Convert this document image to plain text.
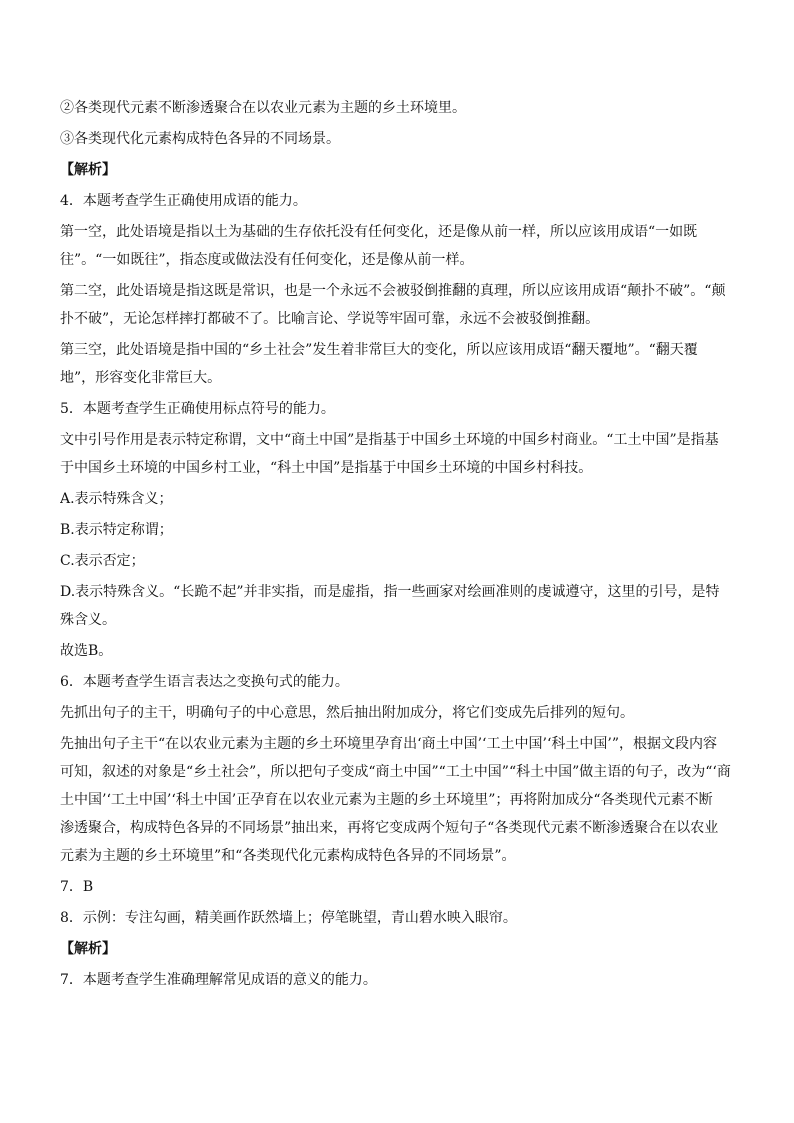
②各类现代元素不断渗透聚合在以农业元素为主题的乡土环境里。
③各类现代化元素构成特色各异的不同场景。
【解析】
4．本题考查学生正确使用成语的能力。
第一空，此处语境是指以土为基础的生存依托没有任何变化，还是像从前一样，所以应该用成语“一如既
往”。“一如既往”，指态度或做法没有任何变化，还是像从前一样。
第二空，此处语境是指这既是常识，也是一个永远不会被驳倒推翻的真理，所以应该用成语“颠扑不破”。“颠
扑不破”，无论怎样摔打都破不了。比喻言论、学说等牢固可靠，永远不会被驳倒推翻。
第三空，此处语境是指中国的“乡土社会”发生着非常巨大的变化，所以应该用成语“翻天覆地”。“翻天覆
地”，形容变化非常巨大。
5．本题考查学生正确使用标点符号的能力。
文中引号作用是表示特定称谓，文中“商土中国”是指基于中国乡土环境的中国乡村商业。“工土中国”是指基
于中国乡土环境的中国乡村工业，“科土中国”是指基于中国乡土环境的中国乡村科技。
A.表示特殊含义；
B.表示特定称谓；
C.表示否定；
D.表示特殊含义。“长跪不起”并非实指，而是虚指，指一些画家对绘画准则的虔诚遵守，这里的引号，是特
殊含义。
故选B。
6．本题考查学生语言表达之变换句式的能力。
先抓出句子的主干，明确句子的中心意思，然后抽出附加成分，将它们变成先后排列的短句。
先抽出句子主干“在以农业元素为主题的乡土环境里孕育出‘商土中国’‘工土中国’‘科土中国’”，根据文段内容
可知，叙述的对象是“乡土社会”，所以把句子变成“商土中国”“工土中国”“科土中国”做主语的句子，改为“‘商
土中国’‘工土中国’‘科土中国’正孕育在以农业元素为主题的乡土环境里”；再将附加成分“各类现代元素不断
渗透聚合，构成特色各异的不同场景”抽出来，再将它变成两个短句子“各类现代元素不断渗透聚合在以农业
元素为主题的乡土环境里”和“各类现代化元素构成特色各异的不同场景”。
7．B
8．示例：专注勾画，精美画作跃然墙上；停笔眺望，青山碧水映入眼帘。
【解析】
7．本题考查学生准确理解常见成语的意义的能力。
